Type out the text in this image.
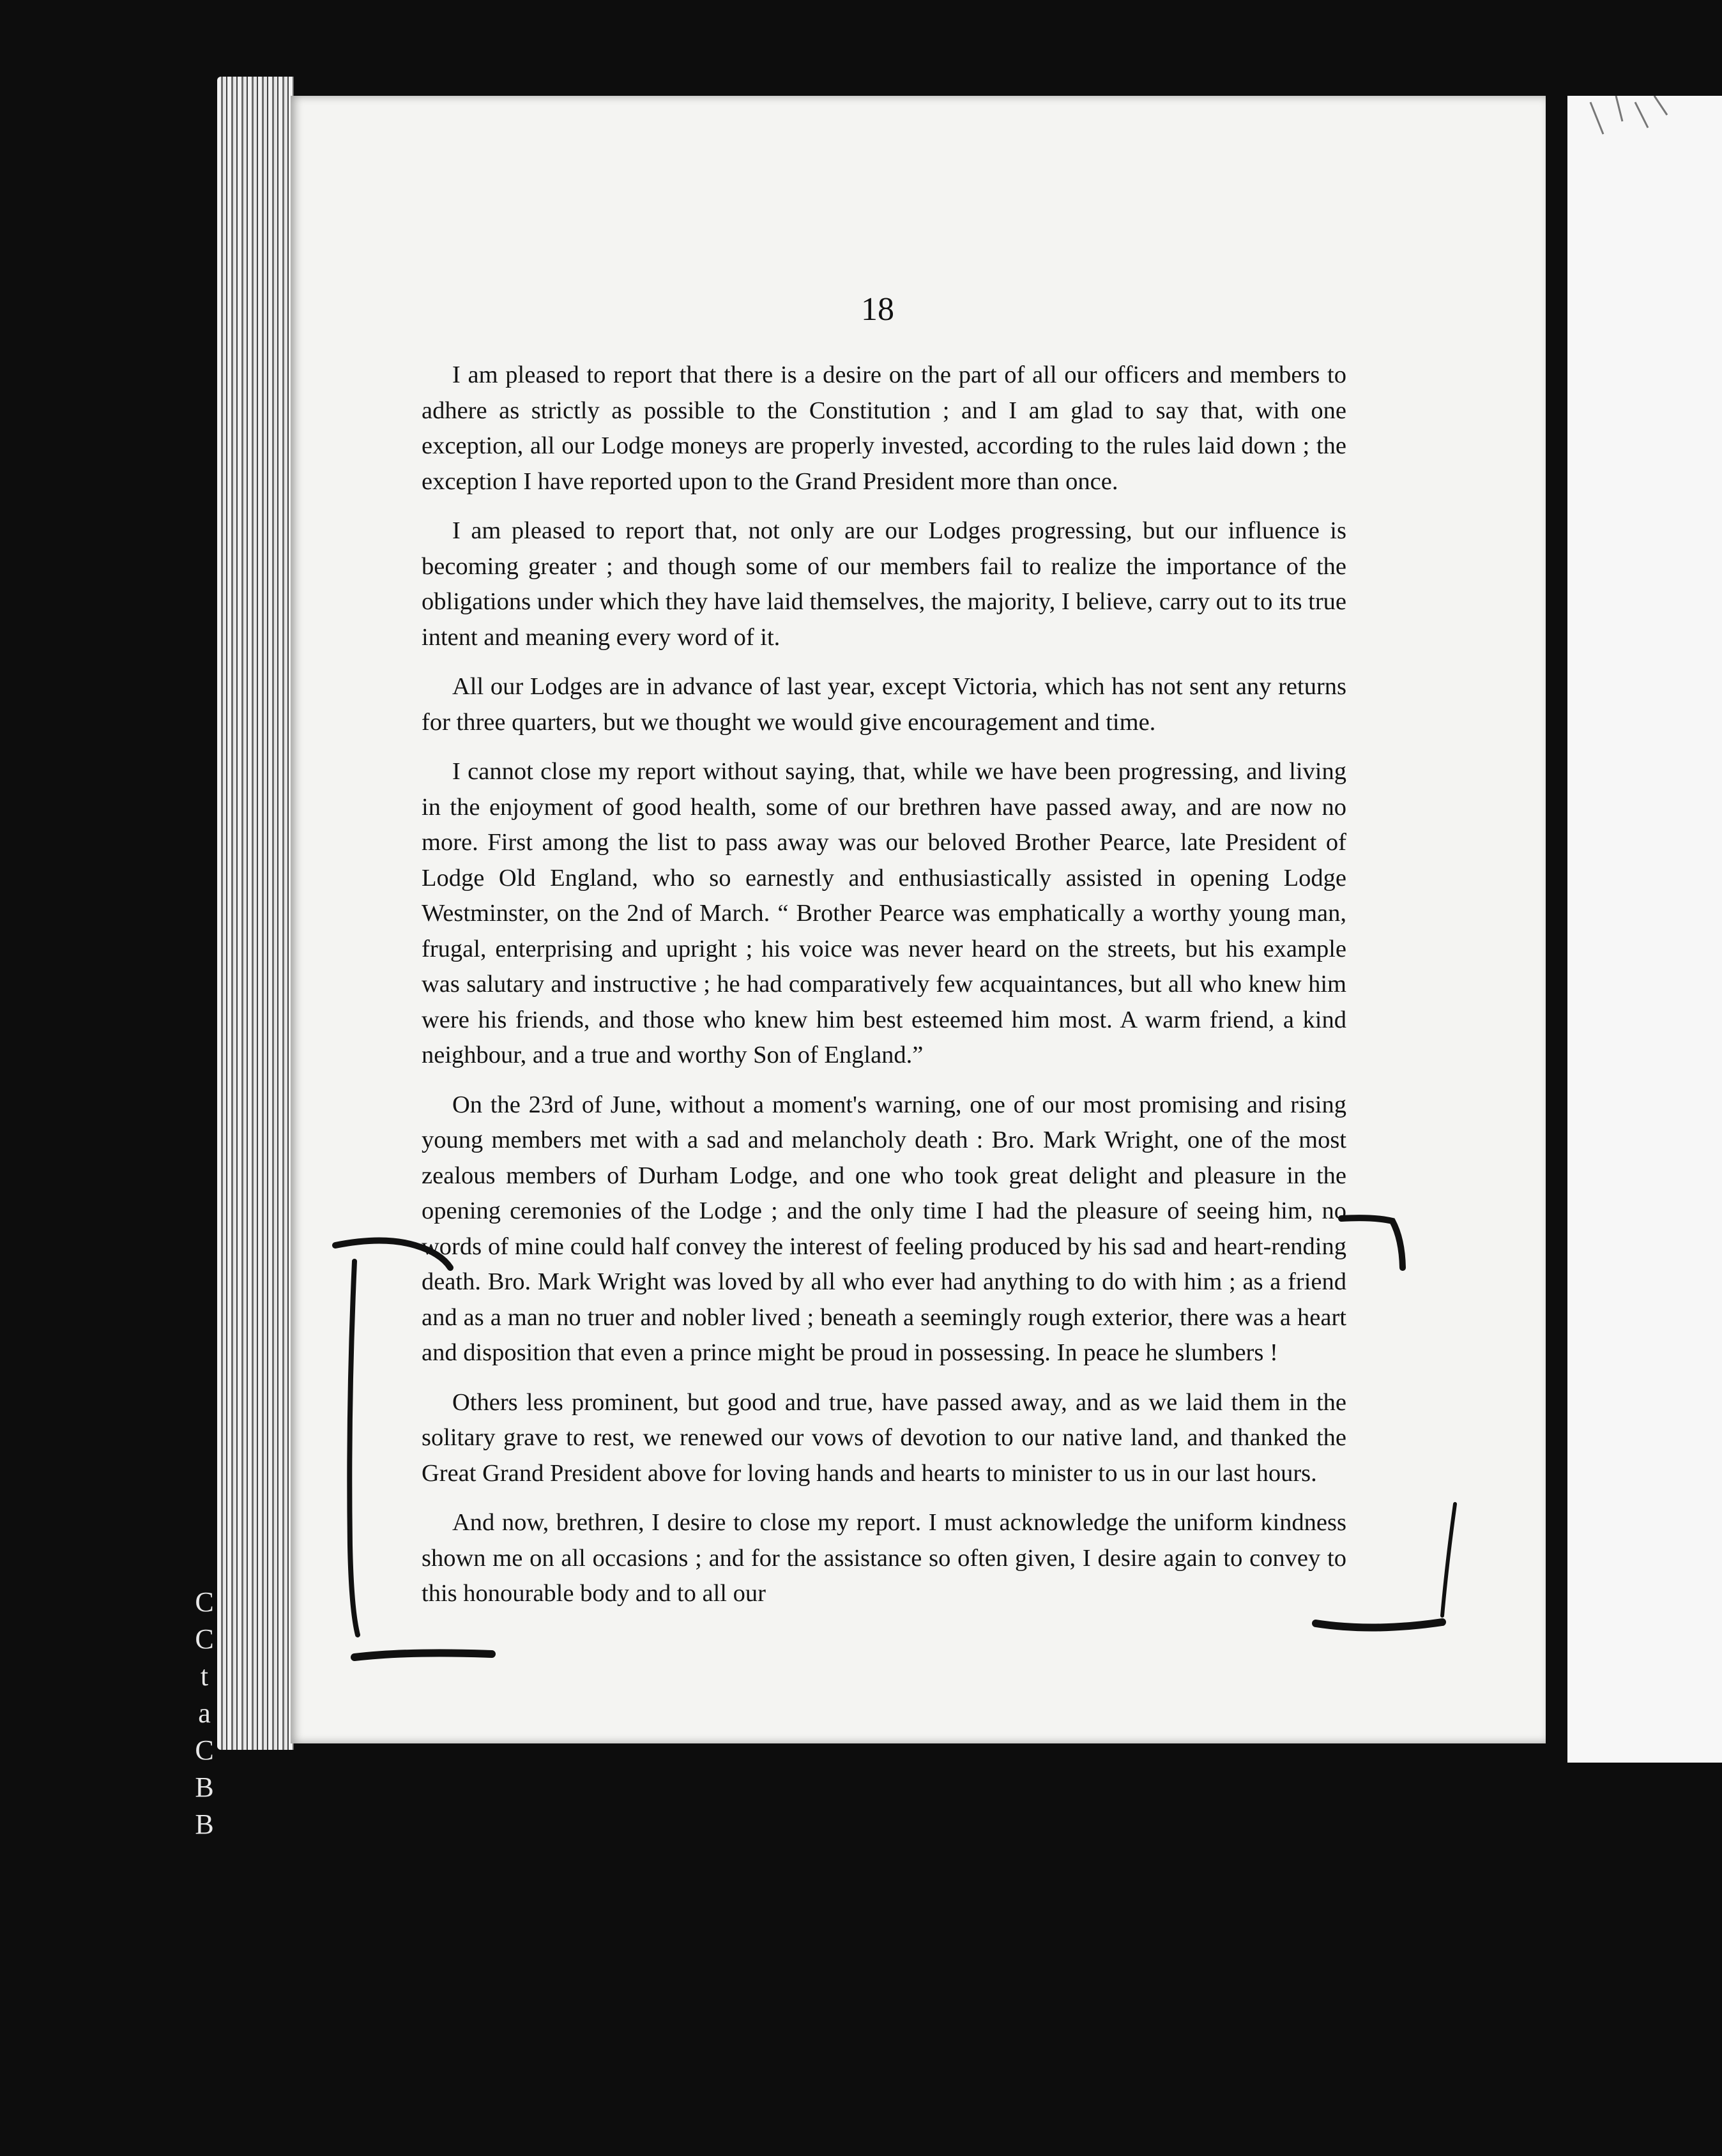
C
C
t
a
C
B
B
18

I am pleased to report that there is a desire on the part of all our officers and members to adhere as strictly as possible to the Constitution ; and I am glad to say that, with one exception, all our Lodge moneys are properly invested, according to the rules laid down ; the exception I have reported upon to the Grand President more than once.

I am pleased to report that, not only are our Lodges progressing, but our influence is becoming greater ; and though some of our members fail to realize the importance of the obligations under which they have laid themselves, the majority, I believe, carry out to its true intent and meaning every word of it.

All our Lodges are in advance of last year, except Victoria, which has not sent any returns for three quarters, but we thought we would give encouragement and time.

I cannot close my report without saying, that, while we have been progressing, and living in the enjoyment of good health, some of our brethren have passed away, and are now no more. First among the list to pass away was our beloved Brother Pearce, late President of Lodge Old England, who so earnestly and enthusiastically assisted in opening Lodge Westminster, on the 2nd of March. “ Brother Pearce was emphatically a worthy young man, frugal, enterprising and upright ; his voice was never heard on the streets, but his example was salutary and instructive ; he had comparatively few acquaintances, but all who knew him were his friends, and those who knew him best esteemed him most. A warm friend, a kind neighbour, and a true and worthy Son of England.”

On the 23rd of June, without a moment's warning, one of our most promising and rising young members met with a sad and melancholy death : Bro. Mark Wright, one of the most zealous members of Durham Lodge, and one who took great delight and pleasure in the opening ceremonies of the Lodge ; and the only time I had the pleasure of seeing him, no words of mine could half convey the interest of feeling produced by his sad and heart-rending death. Bro. Mark Wright was loved by all who ever had anything to do with him ; as a friend and as a man no truer and nobler lived ; beneath a seemingly rough exterior, there was a heart and disposition that even a prince might be proud in possessing. In peace he slumbers !

Others less prominent, but good and true, have passed away, and as we laid them in the solitary grave to rest, we renewed our vows of devotion to our native land, and thanked the Great Grand President above for loving hands and hearts to minister to us in our last hours.

And now, brethren, I desire to close my report. I must acknowledge the uniform kindness shown me on all occasions ; and for the assistance so often given, I desire again to convey to this honourable body and to all our
